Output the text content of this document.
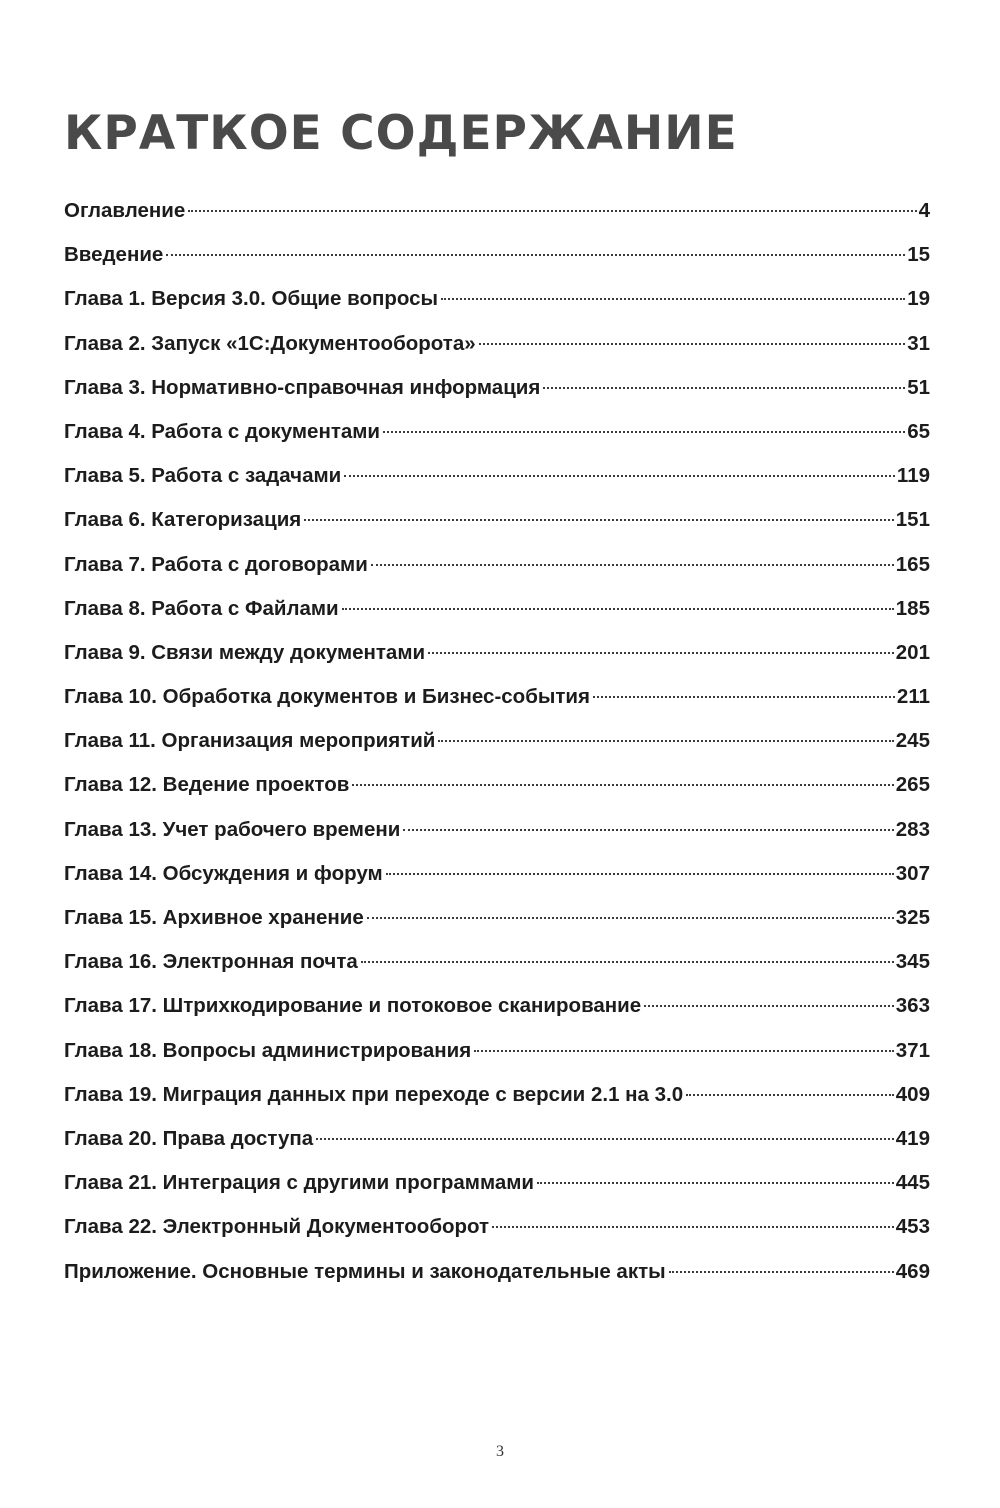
КРАТКОЕ СОДЕРЖАНИЕ
Оглавление	4
Введение	15
Глава 1. Версия 3.0. Общие вопросы	19
Глава 2. Запуск «1С:Документооборота»	31
Глава 3. Нормативно-справочная информация	51
Глава 4. Работа с документами	65
Глава 5. Работа с задачами	119
Глава 6. Категоризация	151
Глава 7. Работа с договорами	165
Глава 8. Работа с Файлами	185
Глава 9. Связи между документами	201
Глава 10. Обработка документов и Бизнес-события	211
Глава 11. Организация мероприятий	245
Глава 12. Ведение проектов	265
Глава 13. Учет рабочего времени	283
Глава 14. Обсуждения и форум	307
Глава 15. Архивное хранение	325
Глава 16. Электронная почта	345
Глава 17. Штрихкодирование и потоковое сканирование	363
Глава 18. Вопросы администрирования	371
Глава 19. Миграция данных при переходе с версии 2.1 на 3.0	409
Глава 20. Права доступа	419
Глава 21. Интеграция с другими программами	445
Глава 22. Электронный Документооборот	453
Приложение. Основные термины и законодательные акты	469
3
